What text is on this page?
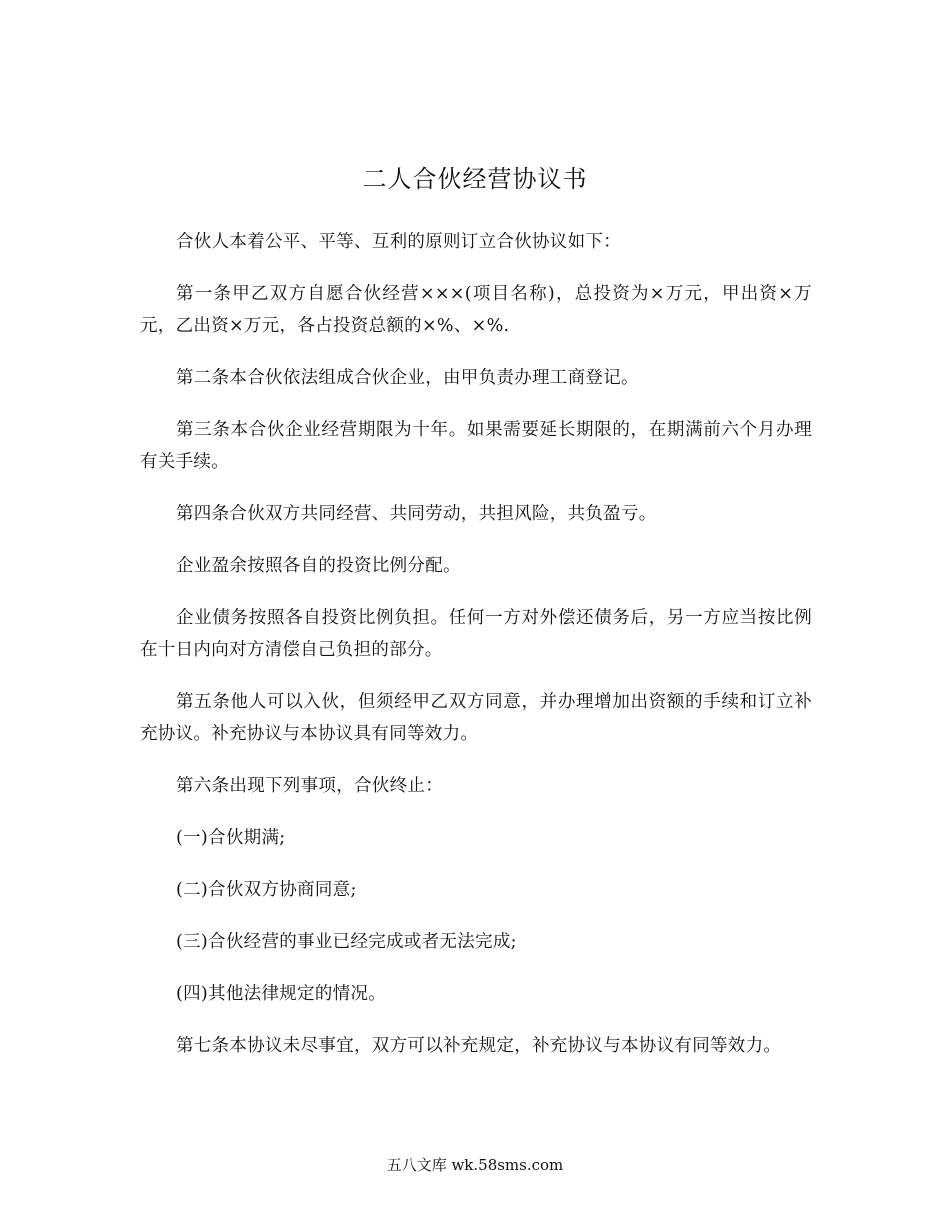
二人合伙经营协议书

合伙人本着公平、平等、互利的原则订立合伙协议如下：

第一条甲乙双方自愿合伙经营×××(项目名称)，总投资为×万元，甲出资×万元，乙出资×万元，各占投资总额的×%、×%.

第二条本合伙依法组成合伙企业，由甲负责办理工商登记。

第三条本合伙企业经营期限为十年。如果需要延长期限的，在期满前六个月办理有关手续。

第四条合伙双方共同经营、共同劳动，共担风险，共负盈亏。

企业盈余按照各自的投资比例分配。

企业债务按照各自投资比例负担。任何一方对外偿还债务后，另一方应当按比例在十日内向对方清偿自己负担的部分。

第五条他人可以入伙，但须经甲乙双方同意，并办理增加出资额的手续和订立补充协议。补充协议与本协议具有同等效力。

第六条出现下列事项，合伙终止：

(一)合伙期满;

(二)合伙双方协商同意;

(三)合伙经营的事业已经完成或者无法完成;

(四)其他法律规定的情况。

第七条本协议未尽事宜，双方可以补充规定，补充协议与本协议有同等效力。

五八文库 wk.58sms.com
